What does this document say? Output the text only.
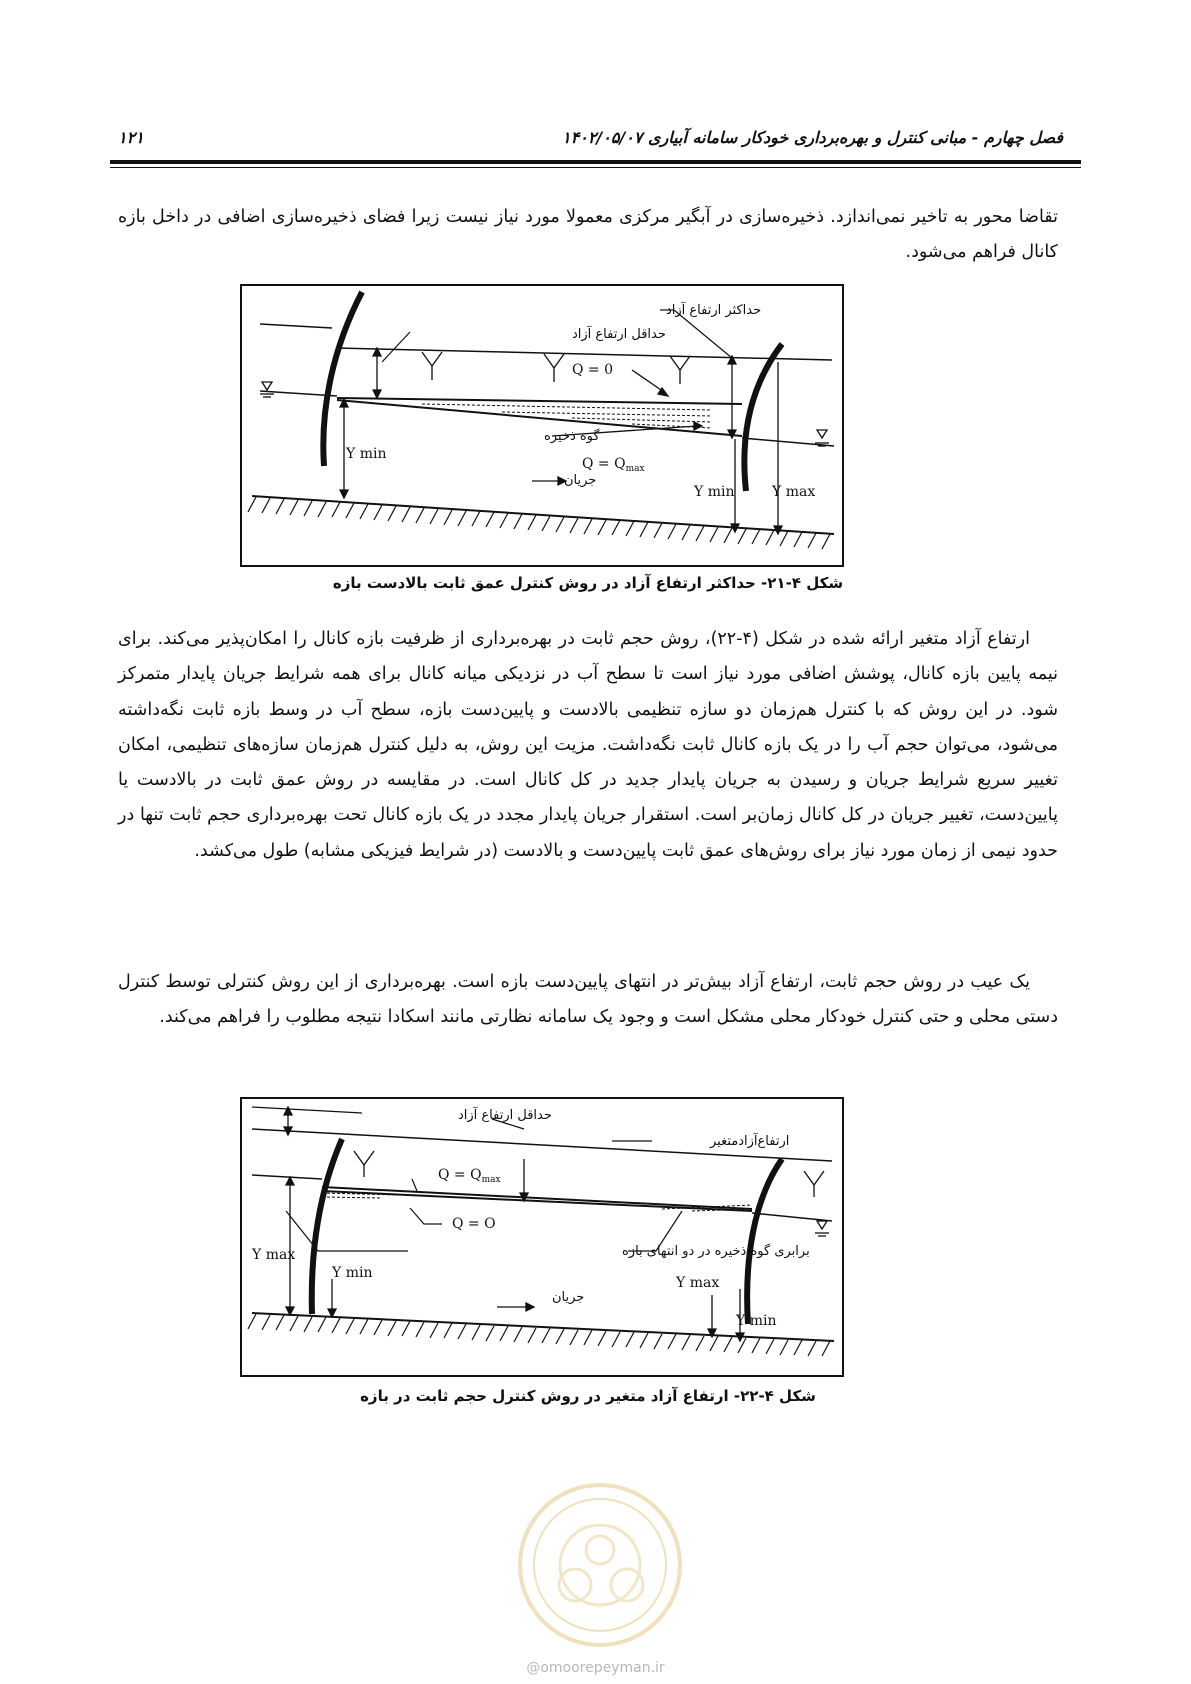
فصل چهارم - مبانی کنترل و بهره‌برداری خودکار سامانه آبیاری ۱۴۰۲/۰۵/۰۷
۱۲۱
تقاضا محور به تاخیر نمی‌اندازد. ذخیره‌سازی در آبگیر مرکزی معمولا مورد نیاز نیست زیرا فضای ذخیره‌سازی اضافی در داخل بازه کانال فراهم می‌شود.
حداکثر ارتفاع آزاد
حداقل ارتفاع آزاد
Q = 0
گوه ذخیره
Y min
$Q = Q_{max}$
جریان
Y min	Y max
شکل ۴-۲۱- حداکثر ارتفاع آزاد در روش کنترل عمق ثابت بالادست بازه
ارتفاع آزاد متغیر ارائه شده در شکل (۴-۲۲)، روش حجم ثابت در بهره‌برداری از ظرفیت بازه کانال را امکان‌پذیر می‌کند. برای نیمه پایین بازه کانال، پوشش اضافی مورد نیاز است تا سطح آب در نزدیکی میانه کانال برای همه شرایط جریان پایدار متمرکز شود. در این روش که با کنترل هم‌زمان دو سازه تنظیمی بالادست و پایین‌دست بازه، سطح آب در وسط بازه ثابت نگه‌داشته می‌شود، می‌توان حجم آب را در یک بازه کانال ثابت نگه‌داشت. مزیت این روش، به دلیل کنترل هم‌زمان سازه‌های تنظیمی، امکان تغییر سریع شرایط جریان و رسیدن به جریان پایدار جدید در کل کانال است. در مقایسه در روش عمق ثابت در بالادست یا پایین‌دست، تغییر جریان در کل کانال زمان‌بر است. استقرار جریان پایدار مجدد در یک بازه کانال تحت بهره‌برداری حجم ثابت تنها در حدود نیمی از زمان مورد نیاز برای روش‌های عمق ثابت پایین‌دست و بالادست (در شرایط فیزیکی مشابه) طول می‌کشد.
یک عیب در روش حجم ثابت، ارتفاع آزاد بیش‌تر در انتهای پایین‌دست بازه است. بهره‌برداری از این روش کنترلی توسط کنترل دستی محلی و حتی کنترل خودکار محلی مشکل است و وجود یک سامانه نظارتی مانند اسکادا نتیجه مطلوب را فراهم می‌کند.
حداقل ارتفاع آزاد
ارتفاع‌آزادمتغیر
$Q = Q_{max}$
Q = O
برابری گوه ذخیره در دو انتهای بازه
Y max
Y min
Y max
Y min
جریان
شکل ۴-۲۲- ارتفاع آزاد متغیر در روش کنترل حجم ثابت در بازه
@omoorepeyman.ir
